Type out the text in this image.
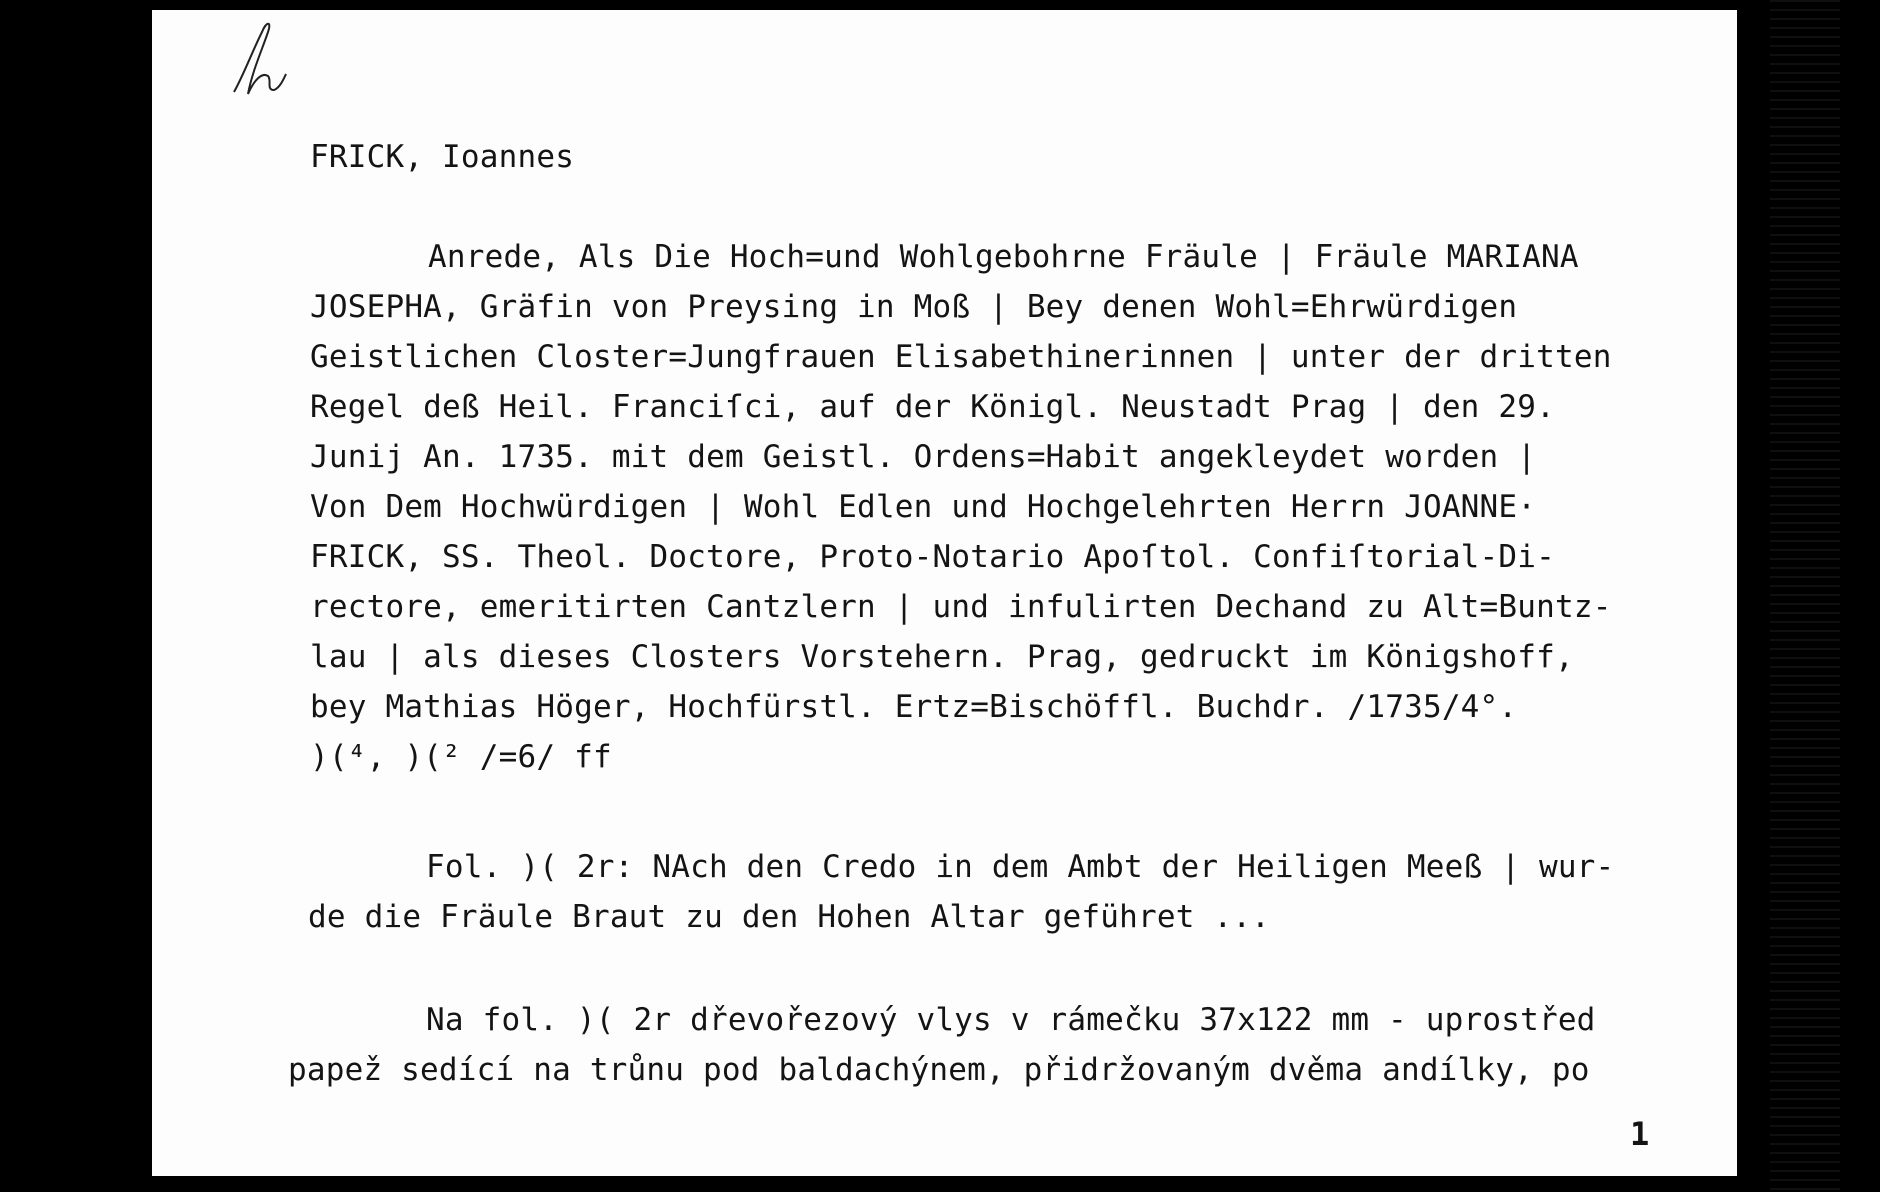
FRICK, Ioannes
Anrede, Als Die Hoch=und Wohlgebohrne Fräule | Fräule MARIANA
JOSEPHA, Gräfin von Preysing in Moß | Bey denen Wohl=Ehrwürdigen
Geistlichen Closter=Jungfrauen Elisabethinerinnen | unter der dritten
Regel deß Heil. Franciſci, auf der Königl. Neustadt Prag | den 29.
Junij An. 1735. mit dem Geistl. Ordens=Habit angekleydet worden |
Von Dem Hochwürdigen | Wohl Edlen und Hochgelehrten Herrn JOANNE·
FRICK, SS. Theol. Doctore, Proto-Notario Apoſtol. Confiſtorial-Di-
rectore, emeritirten Cantzlern | und infulirten Dechand zu Alt=Buntz-
lau | als dieses Closters Vorstehern. Prag, gedruckt im Königshoff,
bey Mathias Höger, Hochfürstl. Ertz=Bischöffl. Buchdr. /1735/4°.
)(⁴, )(² /=6/ ff
Fol. )( 2r: NAch den Credo in dem Ambt der Heiligen Meeß | wur-
de die Fräule Braut zu den Hohen Altar geführet ...
Na fol. )( 2r dřevořezový vlys v rámečku 37x122 mm - uprostřed
papež sedící na trůnu pod baldachýnem, přidržovaným dvěma andílky, po
1
